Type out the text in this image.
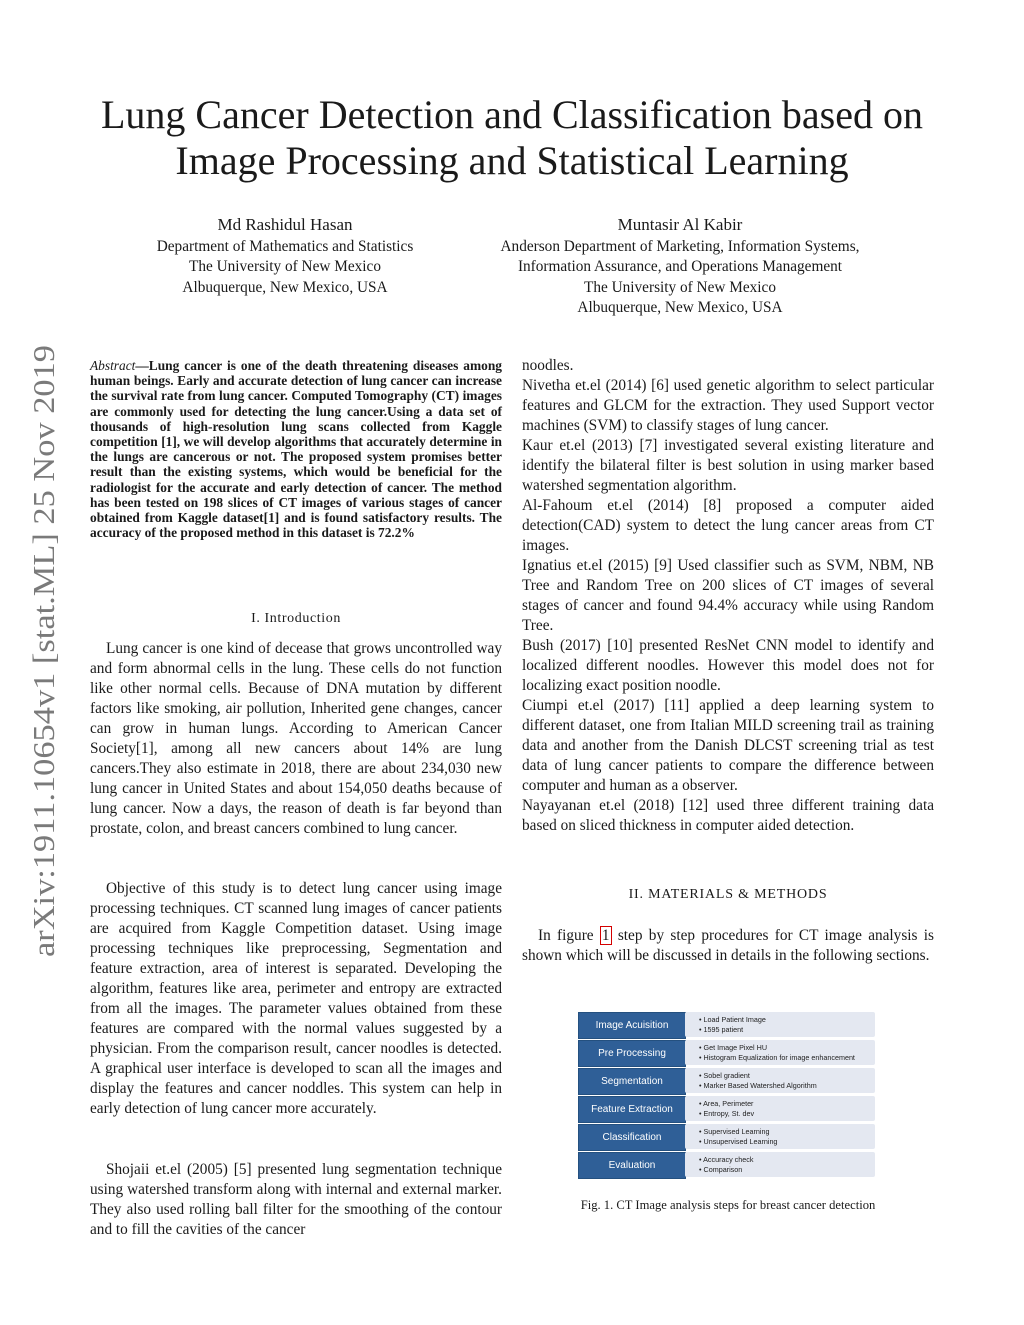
arXiv:1911.10654v1 [stat.ML] 25 Nov 2019
Lung Cancer Detection and Classification based on
Image Processing and Statistical Learning
Md Rashidul Hasan
Department of Mathematics and Statistics
The University of New Mexico
Albuquerque, New Mexico, USA
Muntasir Al Kabir
Anderson Department of Marketing, Information Systems,
Information Assurance, and Operations Management
The University of New Mexico
Albuquerque, New Mexico, USA
Abstract—Lung cancer is one of the death threatening diseases among human beings. Early and accurate detection of lung cancer can increase the survival rate from lung cancer. Computed Tomography (CT) images are commonly used for detecting the lung cancer.Using a data set of thousands of high-resolution lung scans collected from Kaggle competition [1], we will develop algorithms that accurately determine in the lungs are cancerous or not. The proposed system promises better result than the existing systems, which would be beneficial for the radiologist for the accurate and early detection of cancer. The method has been tested on 198 slices of CT images of various stages of cancer obtained from Kaggle dataset[1] and is found satisfactory results. The accuracy of the proposed method in this dataset is 72.2%
I. Introduction

Lung cancer is one kind of decease that grows uncontrolled way and form abnormal cells in the lung. These cells do not function like other normal cells. Because of DNA mutation by different factors like smoking, air pollution, Inherited gene changes, cancer can grow in human lungs. According to American Cancer Society[1], among all new cancers about 14% are lung cancers.They also estimate in 2018, there are about 234,030 new lung cancer in United States and about 154,050 deaths because of lung cancer. Now a days, the reason of death is far beyond than prostate, colon, and breast cancers combined to lung cancer.

Objective of this study is to detect lung cancer using image processing techniques. CT scanned lung images of cancer patients are acquired from Kaggle Competition dataset. Using image processing techniques like preprocessing, Segmentation and feature extraction, area of interest is separated. Developing the algorithm, features like area, perimeter and entropy are extracted from all the images. The parameter values obtained from these features are compared with the normal values suggested by a physician. From the comparison result, cancer noodles is detected. A graphical user interface is developed to scan all the images and display the features and cancer noddles. This system can help in early detection of lung cancer more accurately.

Shojaii et.el (2005) [5] presented lung segmentation technique using watershed transform along with internal and external marker. They also used rolling ball filter for the smoothing of the contour and to fill the cavities of the cancer

noodles.

Nivetha et.el (2014) [6] used genetic algorithm to select particular features and GLCM for the extraction. They used Support vector machines (SVM) to classify stages of lung cancer.

Kaur et.el (2013) [7] investigated several existing literature and identify the bilateral filter is best solution in using marker based watershed segmentation algorithm.

Al-Fahoum et.el (2014) [8] proposed a computer aided detection(CAD) system to detect the lung cancer areas from CT images.

Ignatius et.el (2015) [9] Used classifier such as SVM, NBM, NB Tree and Random Tree on 200 slices of CT images of several stages of cancer and found 94.4% accuracy while using Random Tree.

Bush (2017) [10] presented ResNet CNN model to identify and localized different noodles. However this model does not for localizing exact position noodle.

Ciumpi et.el (2017) [11] applied a deep learning system to different dataset, one from Italian MILD screening trail as training data and another from the Danish DLCST screening trial as test data of lung cancer patients to compare the difference between computer and human as a observer.

Nayayanan et.el (2018) [12] used three different training data based on sliced thickness in computer aided detection.

II. MATERIALS & METHODS

In figure 1 step by step procedures for CT image analysis is shown which will be discussed in details in the following sections.

Image Acuisition
• Load Patient Image
• 1595 patient
Pre Processing
• Get Image Pixel HU
• Histogram Equalization for image enhancement
Segmentation
• Sobel gradient
• Marker Based Watershed Algorithm
Feature Extraction
• Area, Perimeter
• Entropy, St. dev
Classification
• Supervised Learning
• Unsupervised Learning
Evaluation
• Accuracy check
• Comparison
Fig. 1. CT Image analysis steps for breast cancer detection
